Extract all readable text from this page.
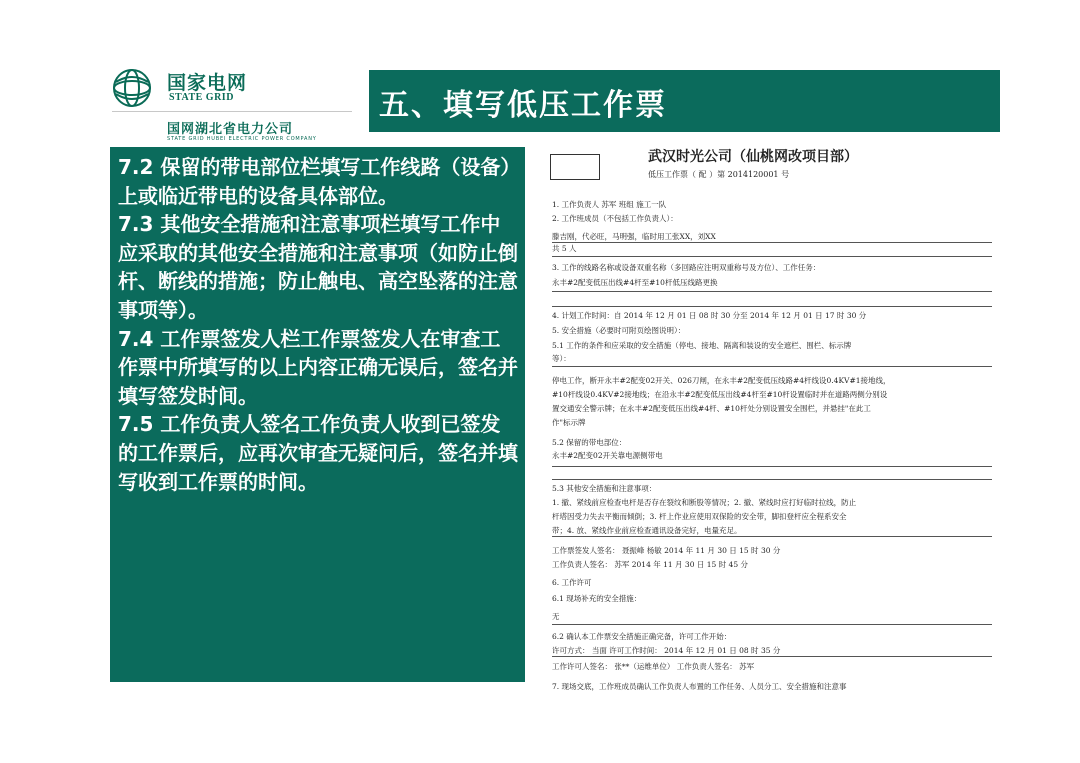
国家电网
STATE GRID
国网湖北省电力公司
STATE GRID HUBEI ELECTRIC POWER COMPANY
五、填写低压工作票

7.2 保留的带电部位栏填写工作线路（设备）上或临近带电的设备具体部位。

7.3 其他安全措施和注意事项栏填写工作中应采取的其他安全措施和注意事项（如防止倒杆、断线的措施；防止触电、高空坠落的注意事项等）。

7.4 工作票签发人栏工作票签发人在审查工作票中所填写的以上内容正确无误后，签名并填写签发时间。

7.5 工作负责人签名工作负责人收到已签发的工作票后，应再次审查无疑问后，签名并填写收到工作票的时间。

武汉时光公司（仙桃网改项目部）
低压工作票（ 配 ）第 2014120001 号
1. 工作负责人 苏军 班组 施工一队
2. 工作班成员（不包括工作负责人）：
滕吉刚，代必旺，马明强，临时用工张XX，刘XX
共 5 人
3. 工作的线路名称或设备双重名称（多回路应注明双重称号及方位）、工作任务：
永丰#2配变低压出线#4杆至#10杆低压线路更换
4. 计划工作时间：自 2014 年 12 月 01 日 08 时 30 分至 2014 年 12 月 01 日 17 时 30 分
5. 安全措施（必要时可附页绘图说明）：
5.1 工作的条件和应采取的安全措施（停电、接地、隔离和装设的安全遮栏、围栏、标示牌
等）：
停电工作，断开永丰#2配变02开关、026刀闸，在永丰#2配变低压线路#4杆线设0.4KV#1接地线，
#10杆线设0.4KV#2接地线；在沿永丰#2配变低压出线#4杆至#10杆设置临时并在道路两侧分别设
置交通安全警示牌；在永丰#2配变低压出线#4杆、#10杆处分别设置安全围栏，并悬挂"在此工
作"标示牌
5.2 保留的带电部位：
永丰#2配变02开关靠电源侧带电
5.3 其他安全措施和注意事项：
1. 撤、紧线前应检查电杆是否存在裂纹和断股等情况；2. 撤、紧线时应打好临时拉线，防止
杆塔因受力失去平衡而倾倒；3. 杆上作业应使用双保险的安全带，脚扣登杆应全程系安全
带；4. 放、紧线作业前应检查通讯设备完好，电量充足。
工作票签发人签名： 聂振峰 杨敏 2014 年 11 月 30 日 15 时 30 分
工作负责人签名： 苏军 2014 年 11 月 30 日 15 时 45 分
6. 工作许可
6.1 现场补充的安全措施：
无
6.2 确认本工作票安全措施正确完备，许可工作开始：
许可方式： 当面 许可工作时间： 2014 年 12 月 01 日 08 时 35 分
工作许可人签名： 张**（运维单位） 工作负责人签名： 苏军
7. 现场交底，工作班成员确认工作负责人布置的工作任务、人员分工、安全措施和注意事
